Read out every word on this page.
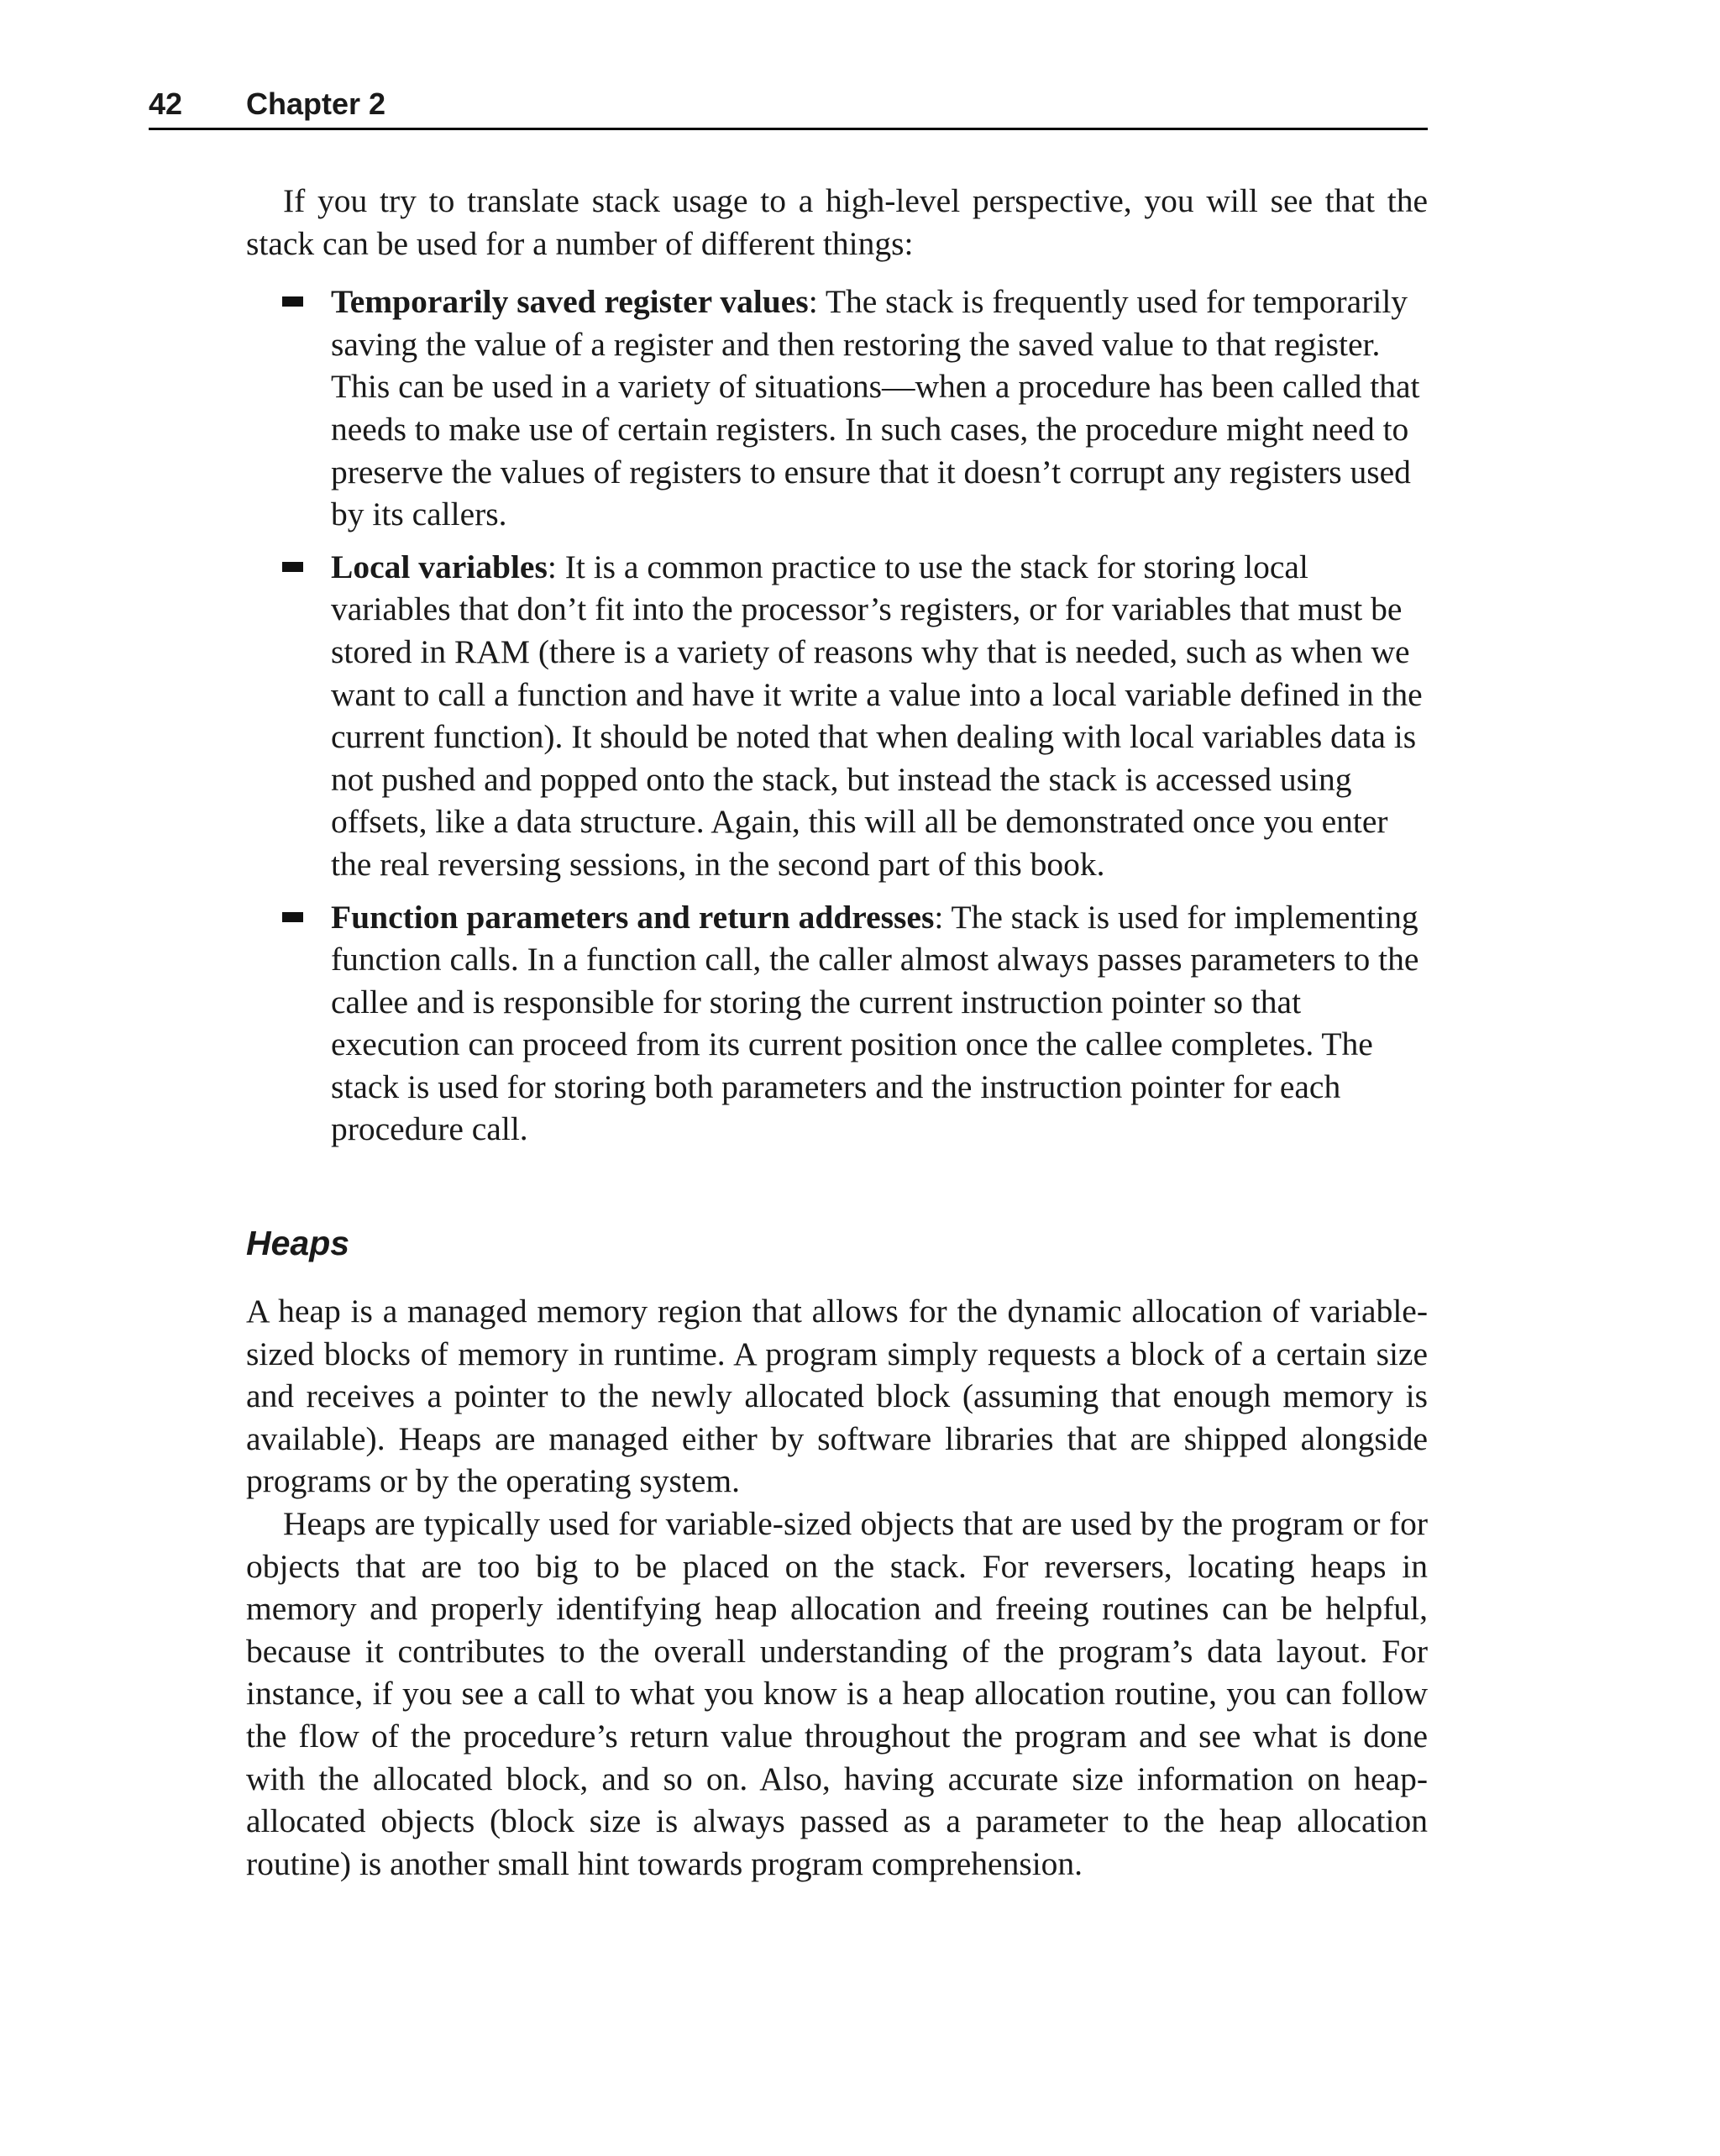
42 Chapter 2

If you try to translate stack usage to a high-level perspective, you will see that the stack can be used for a number of different things:

Temporarily saved register values: The stack is frequently used for temporarily saving the value of a register and then restoring the saved value to that register. This can be used in a variety of situations—when a procedure has been called that needs to make use of certain registers. In such cases, the procedure might need to preserve the values of registers to ensure that it doesn’t corrupt any registers used by its callers.
Local variables: It is a common practice to use the stack for storing local variables that don’t fit into the processor’s registers, or for variables that must be stored in RAM (there is a variety of reasons why that is needed, such as when we want to call a function and have it write a value into a local variable defined in the current function). It should be noted that when dealing with local variables data is not pushed and popped onto the stack, but instead the stack is accessed using offsets, like a data structure. Again, this will all be demonstrated once you enter the real reversing sessions, in the second part of this book.
Function parameters and return addresses: The stack is used for implementing function calls. In a function call, the caller almost always passes parameters to the callee and is responsible for storing the current instruction pointer so that execution can proceed from its current position once the callee completes. The stack is used for storing both parameters and the instruction pointer for each procedure call.
Heaps

A heap is a managed memory region that allows for the dynamic allocation of variable-sized blocks of memory in runtime. A program simply requests a block of a certain size and receives a pointer to the newly allocated block (assuming that enough memory is available). Heaps are managed either by software libraries that are shipped alongside programs or by the operating system.

Heaps are typically used for variable-sized objects that are used by the program or for objects that are too big to be placed on the stack. For reversers, locating heaps in memory and properly identifying heap allocation and freeing routines can be helpful, because it contributes to the overall understanding of the program’s data layout. For instance, if you see a call to what you know is a heap allocation routine, you can follow the flow of the procedure’s return value throughout the program and see what is done with the allocated block, and so on. Also, having accurate size information on heap-allocated objects (block size is always passed as a parameter to the heap allocation routine) is another small hint towards program comprehension.
